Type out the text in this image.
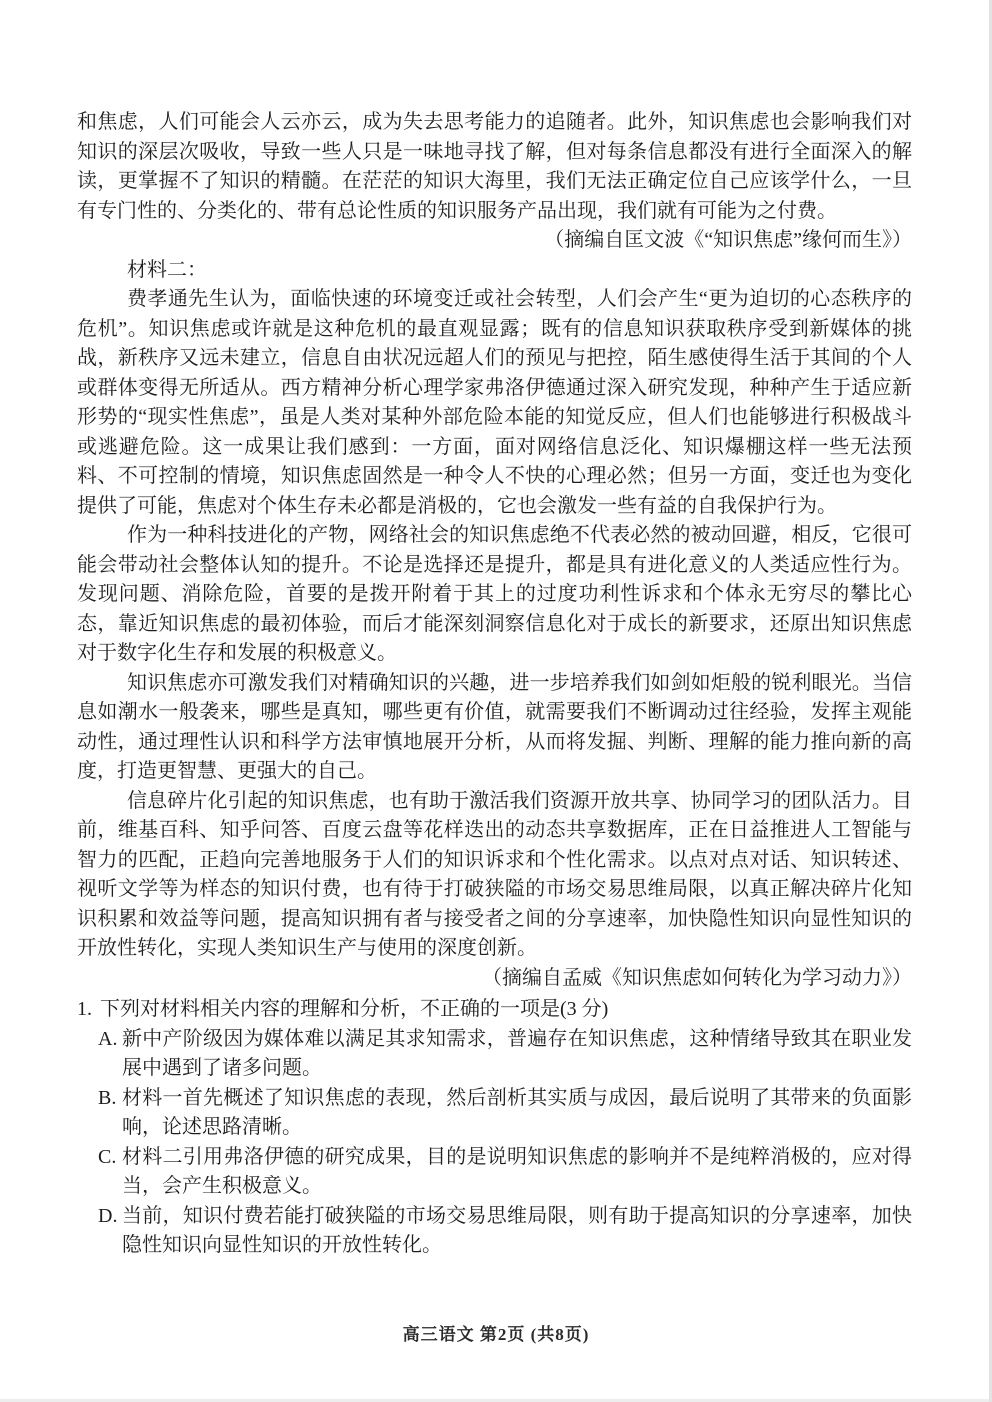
和焦虑，人们可能会人云亦云，成为失去思考能力的追随者。此外，知识焦虑也会影响我们对知识的深层次吸收，导致一些人只是一味地寻找了解，但对每条信息都没有进行全面深入的解读，更掌握不了知识的精髓。在茫茫的知识大海里，我们无法正确定位自己应该学什么，一旦有专门性的、分类化的、带有总论性质的知识服务产品出现，我们就有可能为之付费。

（摘编自匡文波《“知识焦虑”缘何而生》）

材料二：

费孝通先生认为，面临快速的环境变迁或社会转型，人们会产生“更为迫切的心态秩序的危机”。知识焦虑或许就是这种危机的最直观显露；既有的信息知识获取秩序受到新媒体的挑战，新秩序又远未建立，信息自由状况远超人们的预见与把控，陌生感使得生活于其间的个人或群体变得无所适从。西方精神分析心理学家弗洛伊德通过深入研究发现，种种产生于适应新形势的“现实性焦虑”，虽是人类对某种外部危险本能的知觉反应，但人们也能够进行积极战斗或逃避危险。这一成果让我们感到：一方面，面对网络信息泛化、知识爆棚这样一些无法预料、不可控制的情境，知识焦虑固然是一种令人不快的心理必然；但另一方面，变迁也为变化提供了可能，焦虑对个体生存未必都是消极的，它也会激发一些有益的自我保护行为。

作为一种科技进化的产物，网络社会的知识焦虑绝不代表必然的被动回避，相反，它很可能会带动社会整体认知的提升。不论是选择还是提升，都是具有进化意义的人类适应性行为。发现问题、消除危险，首要的是拨开附着于其上的过度功利性诉求和个体永无穷尽的攀比心态，靠近知识焦虑的最初体验，而后才能深刻洞察信息化对于成长的新要求，还原出知识焦虑对于数字化生存和发展的积极意义。

知识焦虑亦可激发我们对精确知识的兴趣，进一步培养我们如剑如炬般的锐利眼光。当信息如潮水一般袭来，哪些是真知，哪些更有价值，就需要我们不断调动过往经验，发挥主观能动性，通过理性认识和科学方法审慎地展开分析，从而将发掘、判断、理解的能力推向新的高度，打造更智慧、更强大的自己。

信息碎片化引起的知识焦虑，也有助于激活我们资源开放共享、协同学习的团队活力。目前，维基百科、知乎问答、百度云盘等花样迭出的动态共享数据库，正在日益推进人工智能与智力的匹配，正趋向完善地服务于人们的知识诉求和个性化需求。以点对点对话、知识转述、视听文学等为样态的知识付费，也有待于打破狭隘的市场交易思维局限，以真正解决碎片化知识积累和效益等问题，提高知识拥有者与接受者之间的分享速率，加快隐性知识向显性知识的开放性转化，实现人类知识生产与使用的深度创新。

（摘编自孟威《知识焦虑如何转化为学习动力》）

1. 下列对材料相关内容的理解和分析，不正确的一项是(3 分)

A. 新中产阶级因为媒体难以满足其求知需求，普遍存在知识焦虑，这种情绪导致其在职业发展中遇到了诸多问题。
B. 材料一首先概述了知识焦虑的表现，然后剖析其实质与成因，最后说明了其带来的负面影响，论述思路清晰。
C. 材料二引用弗洛伊德的研究成果，目的是说明知识焦虑的影响并不是纯粹消极的，应对得当，会产生积极意义。
D. 当前，知识付费若能打破狭隘的市场交易思维局限，则有助于提高知识的分享速率，加快隐性知识向显性知识的开放性转化。
高三语文 第2页 (共8页)
